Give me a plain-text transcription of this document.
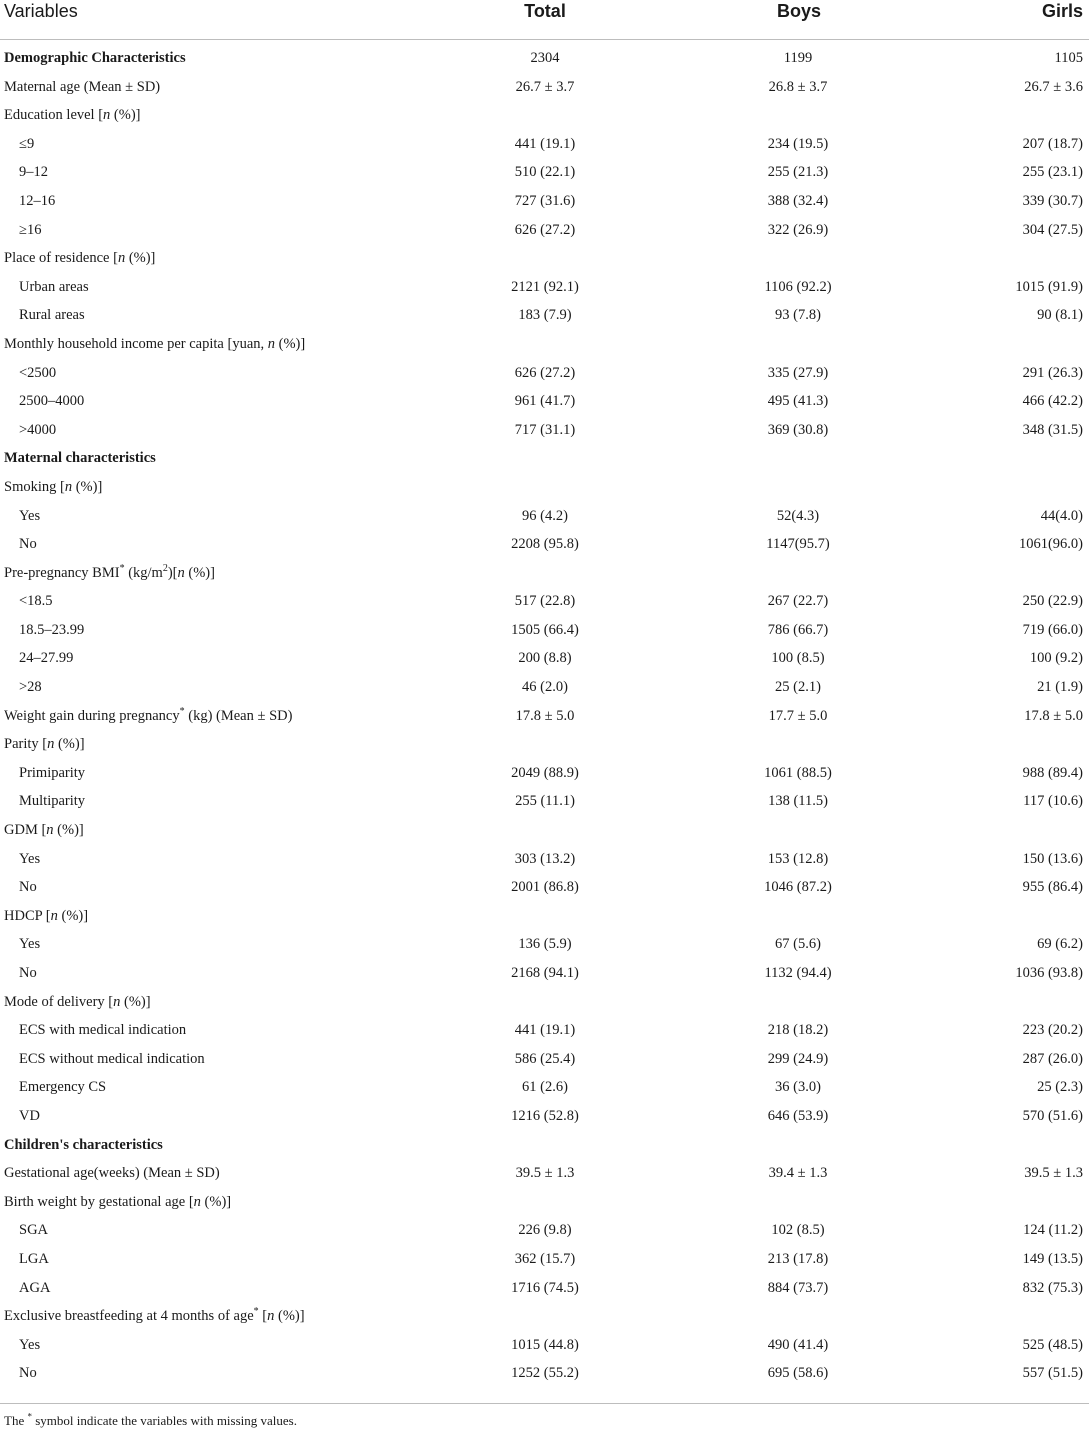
Variables	Total	Boys	Girls
Demographic Characteristics	2304	1199	1105
Maternal age (Mean ± SD)	26.7 ± 3.7	26.8 ± 3.7	26.7 ± 3.6
Education level [n (%)]
≤9	441 (19.1)	234 (19.5)	207 (18.7)
9–12	510 (22.1)	255 (21.3)	255 (23.1)
12–16	727 (31.6)	388 (32.4)	339 (30.7)
≥16	626 (27.2)	322 (26.9)	304 (27.5)
Place of residence [n (%)]
Urban areas	2121 (92.1)	1106 (92.2)	1015 (91.9)
Rural areas	183 (7.9)	93 (7.8)	90 (8.1)
Monthly household income per capita [yuan, n (%)]
<2500	626 (27.2)	335 (27.9)	291 (26.3)
2500–4000	961 (41.7)	495 (41.3)	466 (42.2)
>4000	717 (31.1)	369 (30.8)	348 (31.5)
Maternal characteristics
Smoking [n (%)]
Yes	96 (4.2)	52(4.3)	44(4.0)
No	2208 (95.8)	1147(95.7)	1061(96.0)
Pre-pregnancy BMI* $(kg/m^2)[n$ (%)]
<18.5	517 (22.8)	267 (22.7)	250 (22.9)
18.5–23.99	1505 (66.4)	786 (66.7)	719 (66.0)
24–27.99	200 (8.8)	100 (8.5)	100 (9.2)
>28	46 (2.0)	25 (2.1)	21 (1.9)
Weight gain during pregnancy* (kg) (Mean ± SD)	17.8 ± 5.0	17.7 ± 5.0	17.8 ± 5.0
Parity [n (%)]
Primiparity	2049 (88.9)	1061 (88.5)	988 (89.4)
Multiparity	255 (11.1)	138 (11.5)	117 (10.6)
GDM [n (%)]
Yes	303 (13.2)	153 (12.8)	150 (13.6)
No	2001 (86.8)	1046 (87.2)	955 (86.4)
HDCP [n (%)]
Yes	136 (5.9)	67 (5.6)	69 (6.2)
No	2168 (94.1)	1132 (94.4)	1036 (93.8)
Mode of delivery [n (%)]
ECS with medical indication	441 (19.1)	218 (18.2)	223 (20.2)
ECS without medical indication	586 (25.4)	299 (24.9)	287 (26.0)
Emergency CS	61 (2.6)	36 (3.0)	25 (2.3)
VD	1216 (52.8)	646 (53.9)	570 (51.6)
Children's characteristics
Gestational age(weeks) (Mean ± SD)	39.5 ± 1.3	39.4 ± 1.3	39.5 ± 1.3
Birth weight by gestational age [n (%)]
SGA	226 (9.8)	102 (8.5)	124 (11.2)
LGA	362 (15.7)	213 (17.8)	149 (13.5)
AGA	1716 (74.5)	884 (73.7)	832 (75.3)
Exclusive breastfeeding at 4 months of age* [n (%)]
Yes	1015 (44.8)	490 (41.4)	525 (48.5)
No	1252 (55.2)	695 (58.6)	557 (51.5)
The * symbol indicate the variables with missing values.
